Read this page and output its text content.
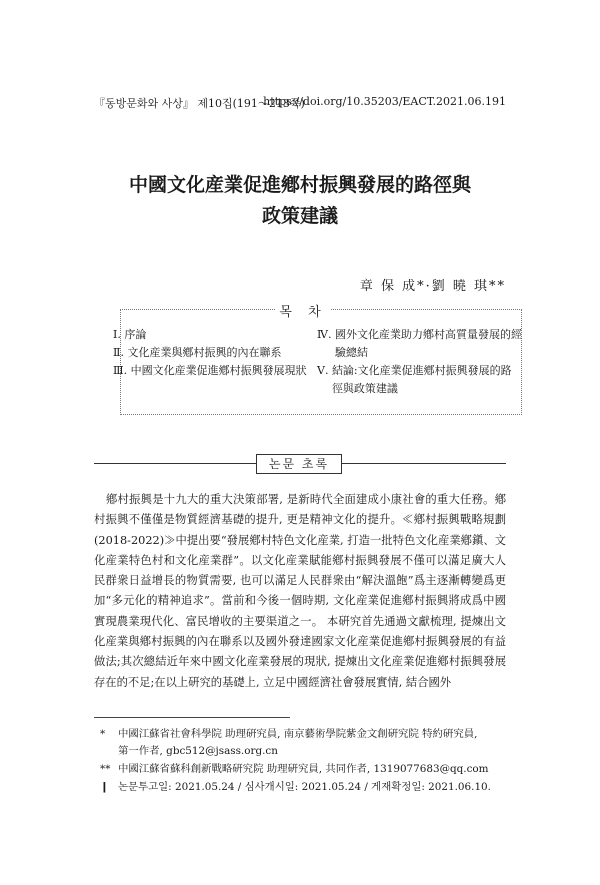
『동방문화와 사상』 제10집(191～213쪽)
https://doi.org/10.35203/EACT.2021.06.191
中國文化産業促進鄕村振興發展的路徑與
政策建議
章 保 成*·劉 曉 琪**
목 차
Ⅰ. 序論
Ⅱ. 文化産業與鄕村振興的內在聯系
Ⅲ. 中國文化産業促進鄕村振興發展現狀
Ⅳ. 國外文化産業助力鄕村高質量發展的經驗總結
Ⅴ. 結論:文化産業促進鄕村振興發展的路徑與政策建議
논문 초록
鄕村振興是十九大的重大決策部署, 是新時代全面建成小康社會的重大任務。鄕村振興不僅僅是物質經濟基礎的提升, 更是精神文化的提升。≪鄕村振興戰略規劃(2018-2022)≫中提出要“發展鄕村特色文化産業, 打造一批特色文化産業鄕鎭、文化産業特色村和文化産業群”。以文化産業賦能鄕村振興發展不僅可以滿足廣大人民群衆日益增長的物質需要, 也可以滿足人民群衆由“解決溫飽”爲主逐漸轉變爲更加“多元化的精神追求”。當前和今後一個時期, 文化産業促進鄕村振興將成爲中國實現農業現代化、富民增收的主要渠道之一。 本硏究首先通過文獻梳理, 提煉出文化産業與鄕村振興的內在聯系以及國外發達國家文化産業促進鄕村振興發展的有益做法;其次總結近年來中國文化産業發展的現狀, 提煉出文化産業促進鄕村振興發展存在的不足;在以上硏究的基礎上, 立足中國經濟社會發展實情, 結合國外
* 中國江蘇省社會科學院 助理硏究員, 南京藝術學院紫金文創硏究院 特約硏究員,
第一作者, gbc512@jsass.org.cn
** 中國江蘇省蘇科創新戰略硏究院 助理硏究員, 共同作者, 1319077683@qq.com
❙ 논문투고일: 2021.05.24 / 심사개시일: 2021.05.24 / 게재확정일: 2021.06.10.
